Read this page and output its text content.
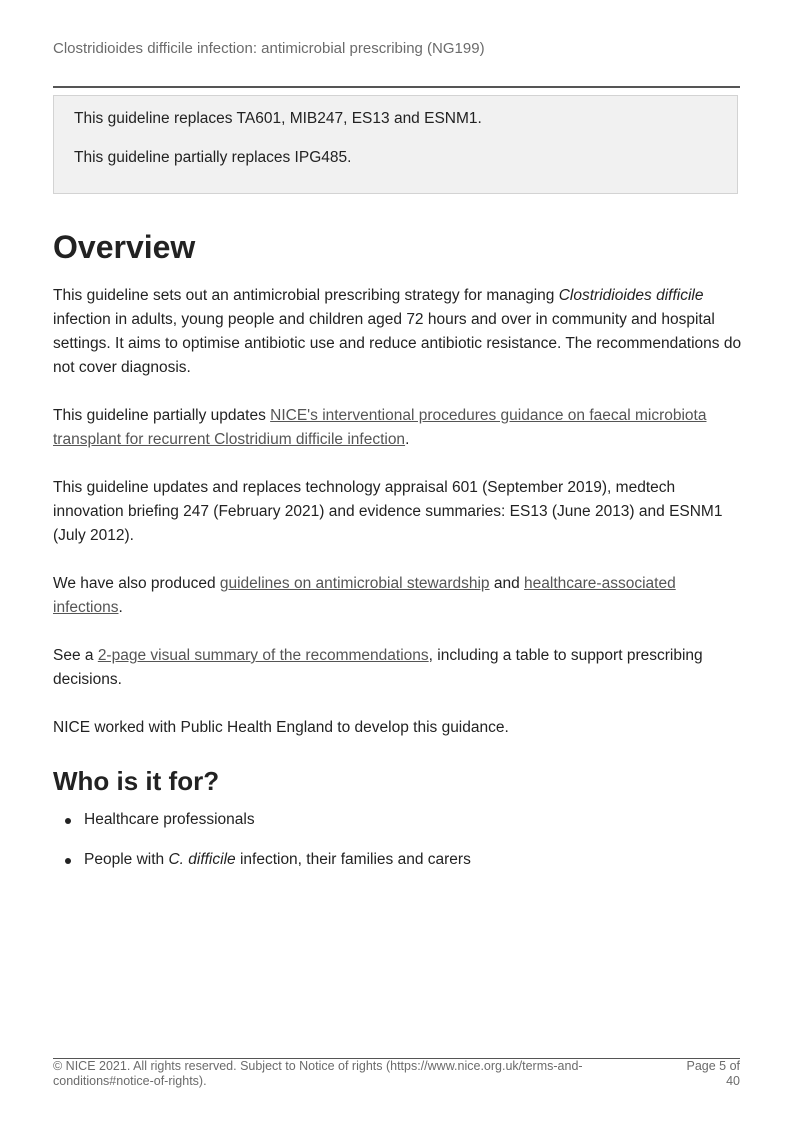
Clostridioides difficile infection: antimicrobial prescribing (NG199)

This guideline replaces TA601, MIB247, ES13 and ESNM1.

This guideline partially replaces IPG485.

Overview

This guideline sets out an antimicrobial prescribing strategy for managing Clostridioides difficile infection in adults, young people and children aged 72 hours and over in community and hospital settings. It aims to optimise antibiotic use and reduce antibiotic resistance. The recommendations do not cover diagnosis.

This guideline partially updates NICE's interventional procedures guidance on faecal microbiota transplant for recurrent Clostridium difficile infection.

This guideline updates and replaces technology appraisal 601 (September 2019), medtech innovation briefing 247 (February 2021) and evidence summaries: ES13 (June 2013) and ESNM1 (July 2012).

We have also produced guidelines on antimicrobial stewardship and healthcare-associated infections.

See a 2-page visual summary of the recommendations, including a table to support prescribing decisions.

NICE worked with Public Health England to develop this guidance.

Who is it for?
Healthcare professionals
People with C. difficile infection, their families and carers
© NICE 2021. All rights reserved. Subject to Notice of rights (https://www.nice.org.uk/terms-and-conditions#notice-of-rights).
Page 5 of 40
